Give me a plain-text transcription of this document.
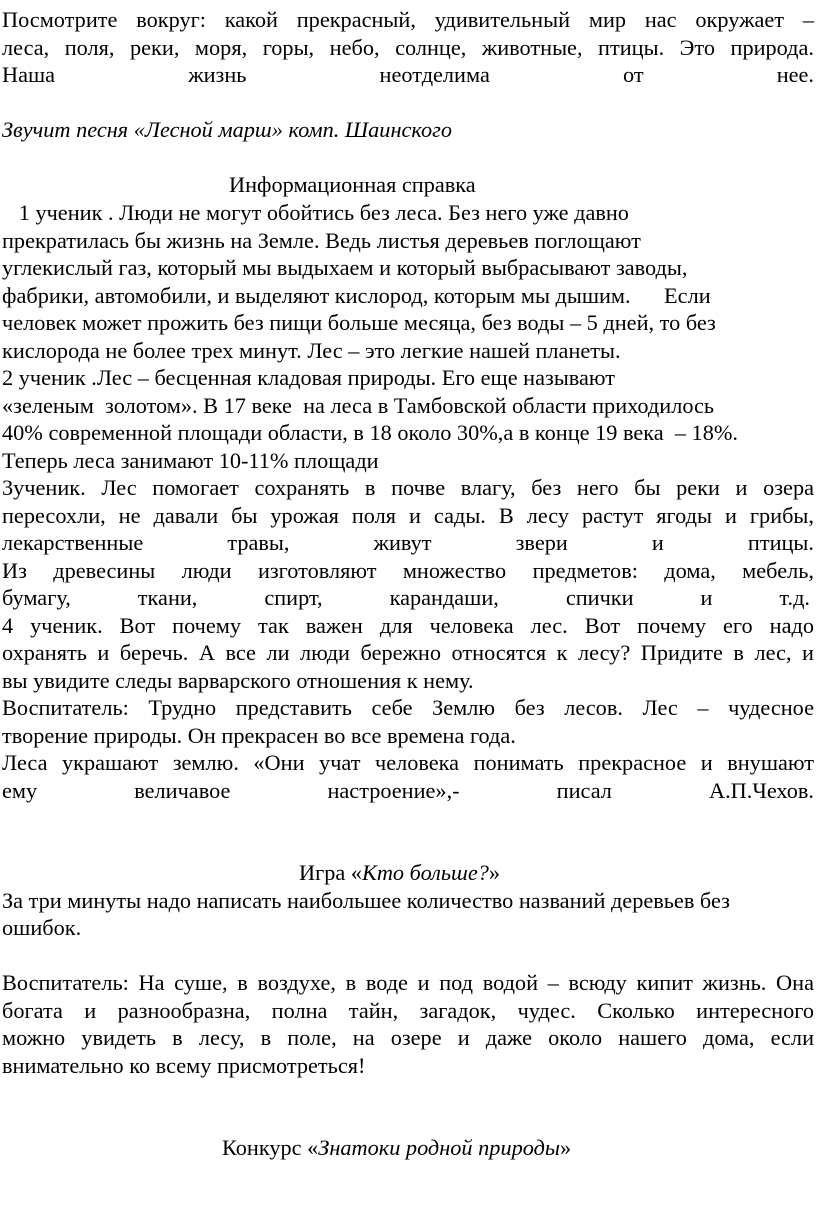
Посмотрите вокруг: какой прекрасный, удивительный мир нас окружает –
леса, поля, реки, моря, горы, небо, солнце, животные, птицы. Это природа.
Наша жизнь неотделима от нее.
Звучит песня «Лесной марш» комп. Шаинского
Информационная справка
1 ученик . Люди не могут обойтись без леса. Без него уже давно
прекратилась бы жизнь на Земле. Ведь листья деревьев поглощают
углекислый газ, который мы выдыхаем и который выбрасывают заводы,
фабрики, автомобили, и выделяют кислород, которым мы дышим.      Если
человек может прожить без пищи больше месяца, без воды – 5 дней, то без
кислорода не более трех минут. Лес – это легкие нашей планеты.
2 ученик .Лес – бесценная кладовая природы. Его еще называют
«зеленым  золотом». В 17 веке  на леса в Тамбовской области приходилось
40% современной площади области, в 18 около 30%,а в конце 19 века  – 18%.
Теперь леса занимают 10-11% площади
3ученик. Лес помогает сохранять в почве влагу, без него бы реки и озера
пересохли, не давали бы урожая поля и сады. В лесу растут ягоды и грибы,
лекарственные травы, живут звери и птицы.
Из древесины люди изготовляют множество предметов: дома, мебель,
бумагу, ткани, спирт, карандаши, спички и т.д.
4 ученик. Вот почему так важен для человека лес. Вот почему его надо
охранять и беречь. А все ли люди бережно относятся к лесу? Придите в лес, и
вы увидите следы варварского отношения к нему.
Воспитатель: Трудно представить себе Землю без лесов. Лес – чудесное
творение природы. Он прекрасен во все времена года.
Леса украшают землю. «Они учат человека понимать прекрасное и внушают
ему величавое настроение»,- писал А.П.Чехов.
Игра «Кто больше?»
За три минуты надо написать наибольшее количество названий деревьев без
ошибок.
Воспитатель: На суше, в воздухе, в воде и под водой – всюду кипит жизнь. Она
богата и разнообразна, полна тайн, загадок, чудес. Сколько интересного
можно увидеть в лесу, в поле, на озере и даже около нашего дома, если
внимательно ко всему присмотреться!
Конкурс «Знатоки родной природы»
